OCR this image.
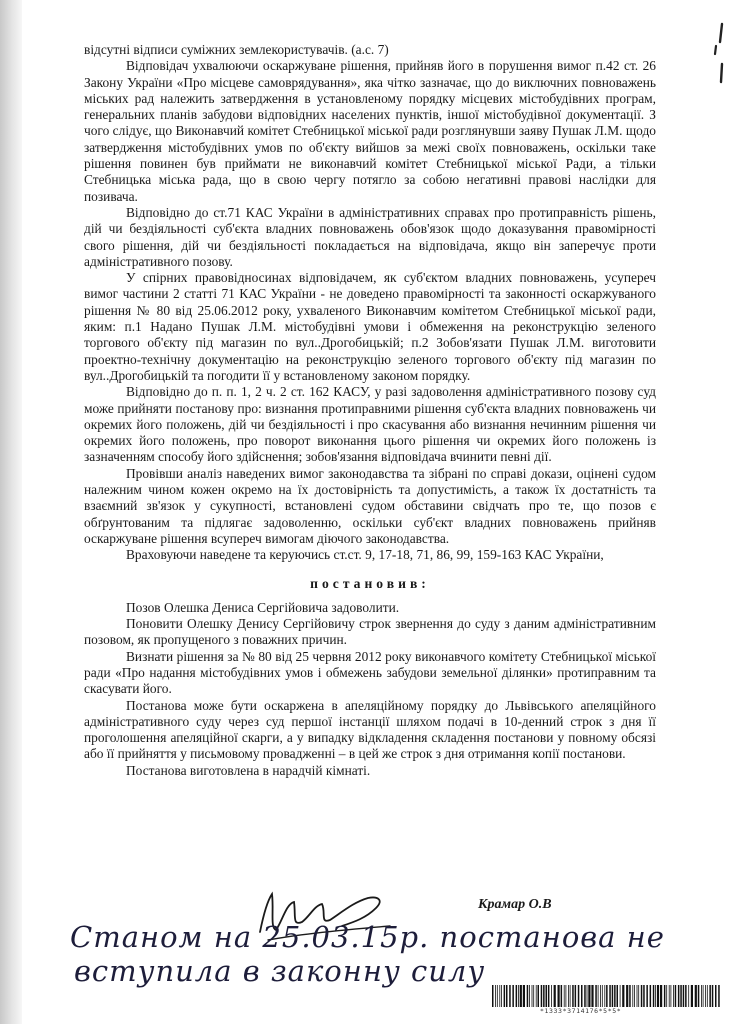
відсутні відписи суміжних землекористувачів. (а.с. 7)

Відповідач ухвалюючи оскаржуване рішення, прийняв його в порушення вимог п.42 ст. 26 Закону України «Про місцеве самоврядування», яка чітко зазначає, що до виключних повноважень міських рад належить затвердження в установленому порядку місцевих містобудівних програм, генеральних планів забудови відповідних населених пунктів, іншої містобудівної документації. З чого слідує, що Виконавчий комітет Стебницької міської ради розглянувши заяву Пушак Л.М. щодо затвердження містобудівних умов по об'єкту вийшов за межі своїх повноважень, оскільки таке рішення повинен був приймати не виконавчий комітет Стебницької міської Ради, а тільки Стебницька міська рада, що в свою чергу потягло за собою негативні правові наслідки для позивача.

Відповідно до ст.71 КАС України в адміністративних справах про протиправність рішень, дій чи бездіяльності суб'єкта владних повноважень обов'язок щодо доказування правомірності свого рішення, дій чи бездіяльності покладається на відповідача, якщо він заперечує проти адміністративного позову.

У спірних правовідносинах відповідачем, як суб'єктом владних повноважень, усупереч вимог частини 2 статті 71 КАС України - не доведено правомірності та законності оскаржуваного рішення № 80 від 25.06.2012 року, ухваленого Виконавчим комітетом Стебницької міської ради, яким: п.1 Надано Пушак Л.М. містобудівні умови і обмеження на реконструкцію зеленого торгового об'єкту під магазин по вул..Дрогобицькій; п.2 Зобов'язати Пушак Л.М. виготовити проектно-технічну документацію на реконструкцію зеленого торгового об'єкту під магазин по вул..Дрогобицькій та погодити її у встановленому законом порядку.

Відповідно до п. п. 1, 2 ч. 2 ст. 162 КАСУ, у разі задоволення адміністративного позову суд може прийняти постанову про: визнання протиправними рішення суб'єкта владних повноважень чи окремих його положень, дій чи бездіяльності і про скасування або визнання нечинним рішення чи окремих його положень, про поворот виконання цього рішення чи окремих його положень із зазначенням способу його здійснення; зобов'язання відповідача вчинити певні дії.

Провівши аналіз наведених вимог законодавства та зібрані по справі докази, оцінені судом належним чином кожен окремо на їх достовірність та допустимість, а також їх достатність та взаємний зв'язок у сукупності, встановлені судом обставини свідчать про те, що позов є обґрунтованим та підлягає задоволенню, оскільки суб'єкт владних повноважень прийняв оскаржуване рішення всупереч вимогам діючого законодавства.

Враховуючи наведене та керуючись ст.ст. 9, 17-18, 71, 86, 99, 159-163 КАС України,

постановив:

Позов Олешка Дениса Сергійовича задоволити.

Поновити Олешку Денису Сергійовичу строк звернення до суду з даним адміністративним позовом, як пропущеного з поважних причин.

Визнати рішення за № 80 від 25 червня 2012 року виконавчого комітету Стебницької міської ради «Про надання містобудівних умов і обмежень забудови земельної ділянки» протиправним та скасувати його.

Постанова може бути оскаржена в апеляційному порядку до Львівського апеляційного адміністративного суду через суд першої інстанції шляхом подачі в 10-денний строк з дня її проголошення апеляційної скарги, а у випадку відкладення складення постанови у повному обсязі або її прийняття у письмовому провадженні – в цей же строк з дня отримання копії постанови.

Постанова виготовлена в нарадчій кімнаті.

Крамар О.В
Станом на 25.03.15р. постанова не
вступила в законну силу
*1333*3714176*5*5*
